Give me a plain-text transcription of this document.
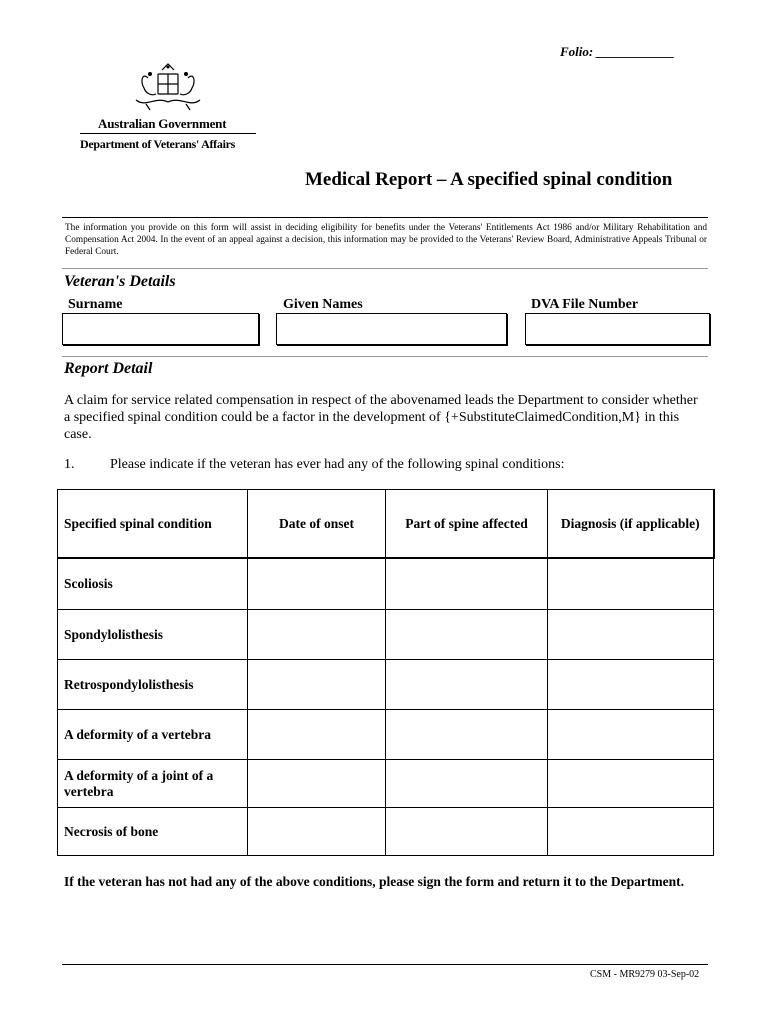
Folio: ____________
Australian Government
Department of Veterans' Affairs
Medical Report – A specified spinal condition
The information you provide on this form will assist in deciding eligibility for benefits under the Veterans' Entitlements Act 1986 and/or Military Rehabilitation and Compensation Act 2004. In the event of an appeal against a decision, this information may be provided to the Veterans' Review Board, Administrative Appeals Tribunal or Federal Court.
Veteran's Details
Surname	Given Names	DVA File Number
Report Detail
A claim for service related compensation in respect of the abovenamed leads the Department to consider whether a specified spinal condition could be a factor in the development of {+SubstituteClaimedCondition,M} in this case.
1.	Please indicate if the veteran has ever had any of the following spinal conditions:
Specified spinal condition	Date of onset	Part of spine affected	Diagnosis (if applicable)
Scoliosis			
Spondylolisthesis			
Retrospondylolisthesis			
A deformity of a vertebra			
A deformity of a joint of a vertebra			
Necrosis of bone			
If the veteran has not had any of the above conditions, please sign the form and return it to the Department.
CSM - MR9279 03-Sep-02
